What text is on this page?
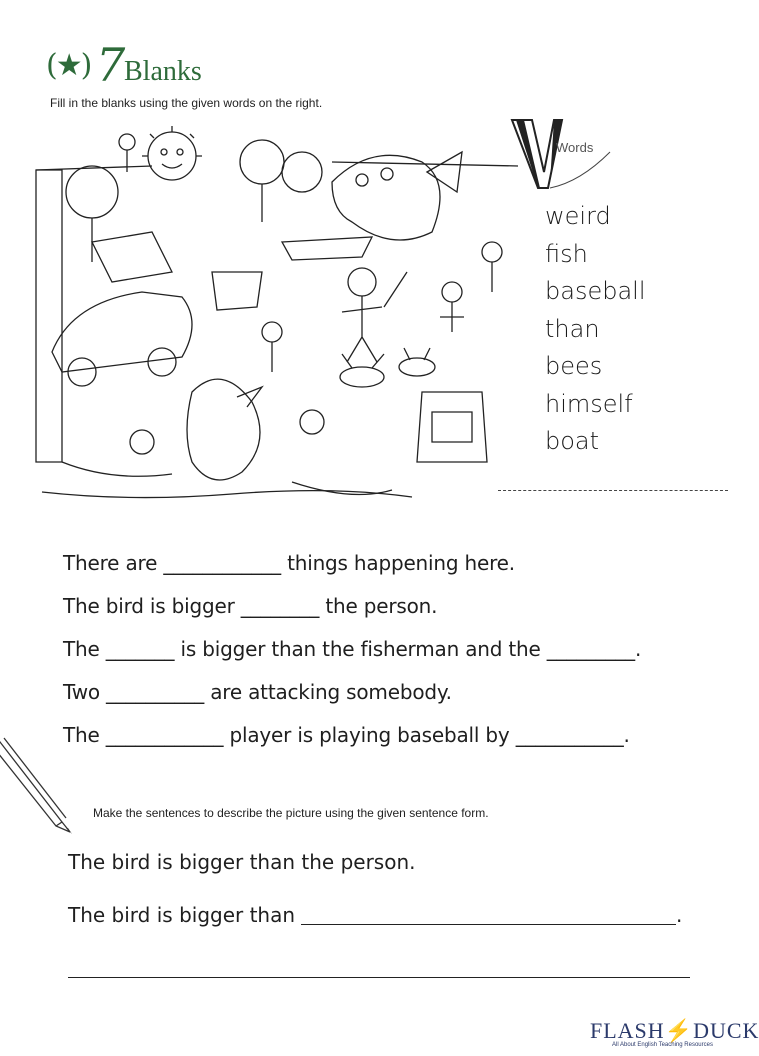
(★) 7
Blanks
Fill in the blanks using the given words on the right.
Words
weird
fish
baseball
than
bees
himself
boat
There are ____________ things happening here.
The bird is bigger ________ the person.
The _______ is bigger than the fisherman and the _________.
Two __________ are attacking somebody.
The ____________ player is playing baseball by ___________.
Make the sentences to describe the picture using the given sentence form.
The bird is bigger than the person.
The bird is bigger than	.
FLASH⚡DUCK
All About English Teaching Resources
